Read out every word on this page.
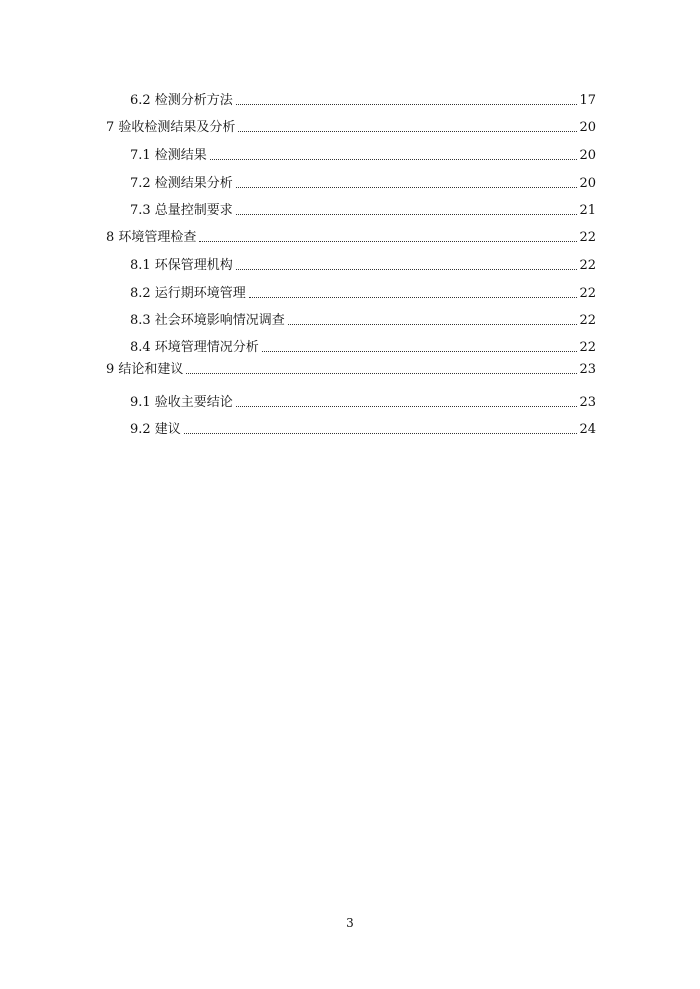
6.2 检测分析方法	17
7 验收检测结果及分析	20
7.1 检测结果	20
7.2 检测结果分析	20
7.3 总量控制要求	21
8 环境管理检查	22
8.1 环保管理机构	22
8.2 运行期环境管理	22
8.3 社会环境影响情况调查	22
8.4 环境管理情况分析	22
9 结论和建议	23
9.1 验收主要结论	23
9.2 建议	24
3
